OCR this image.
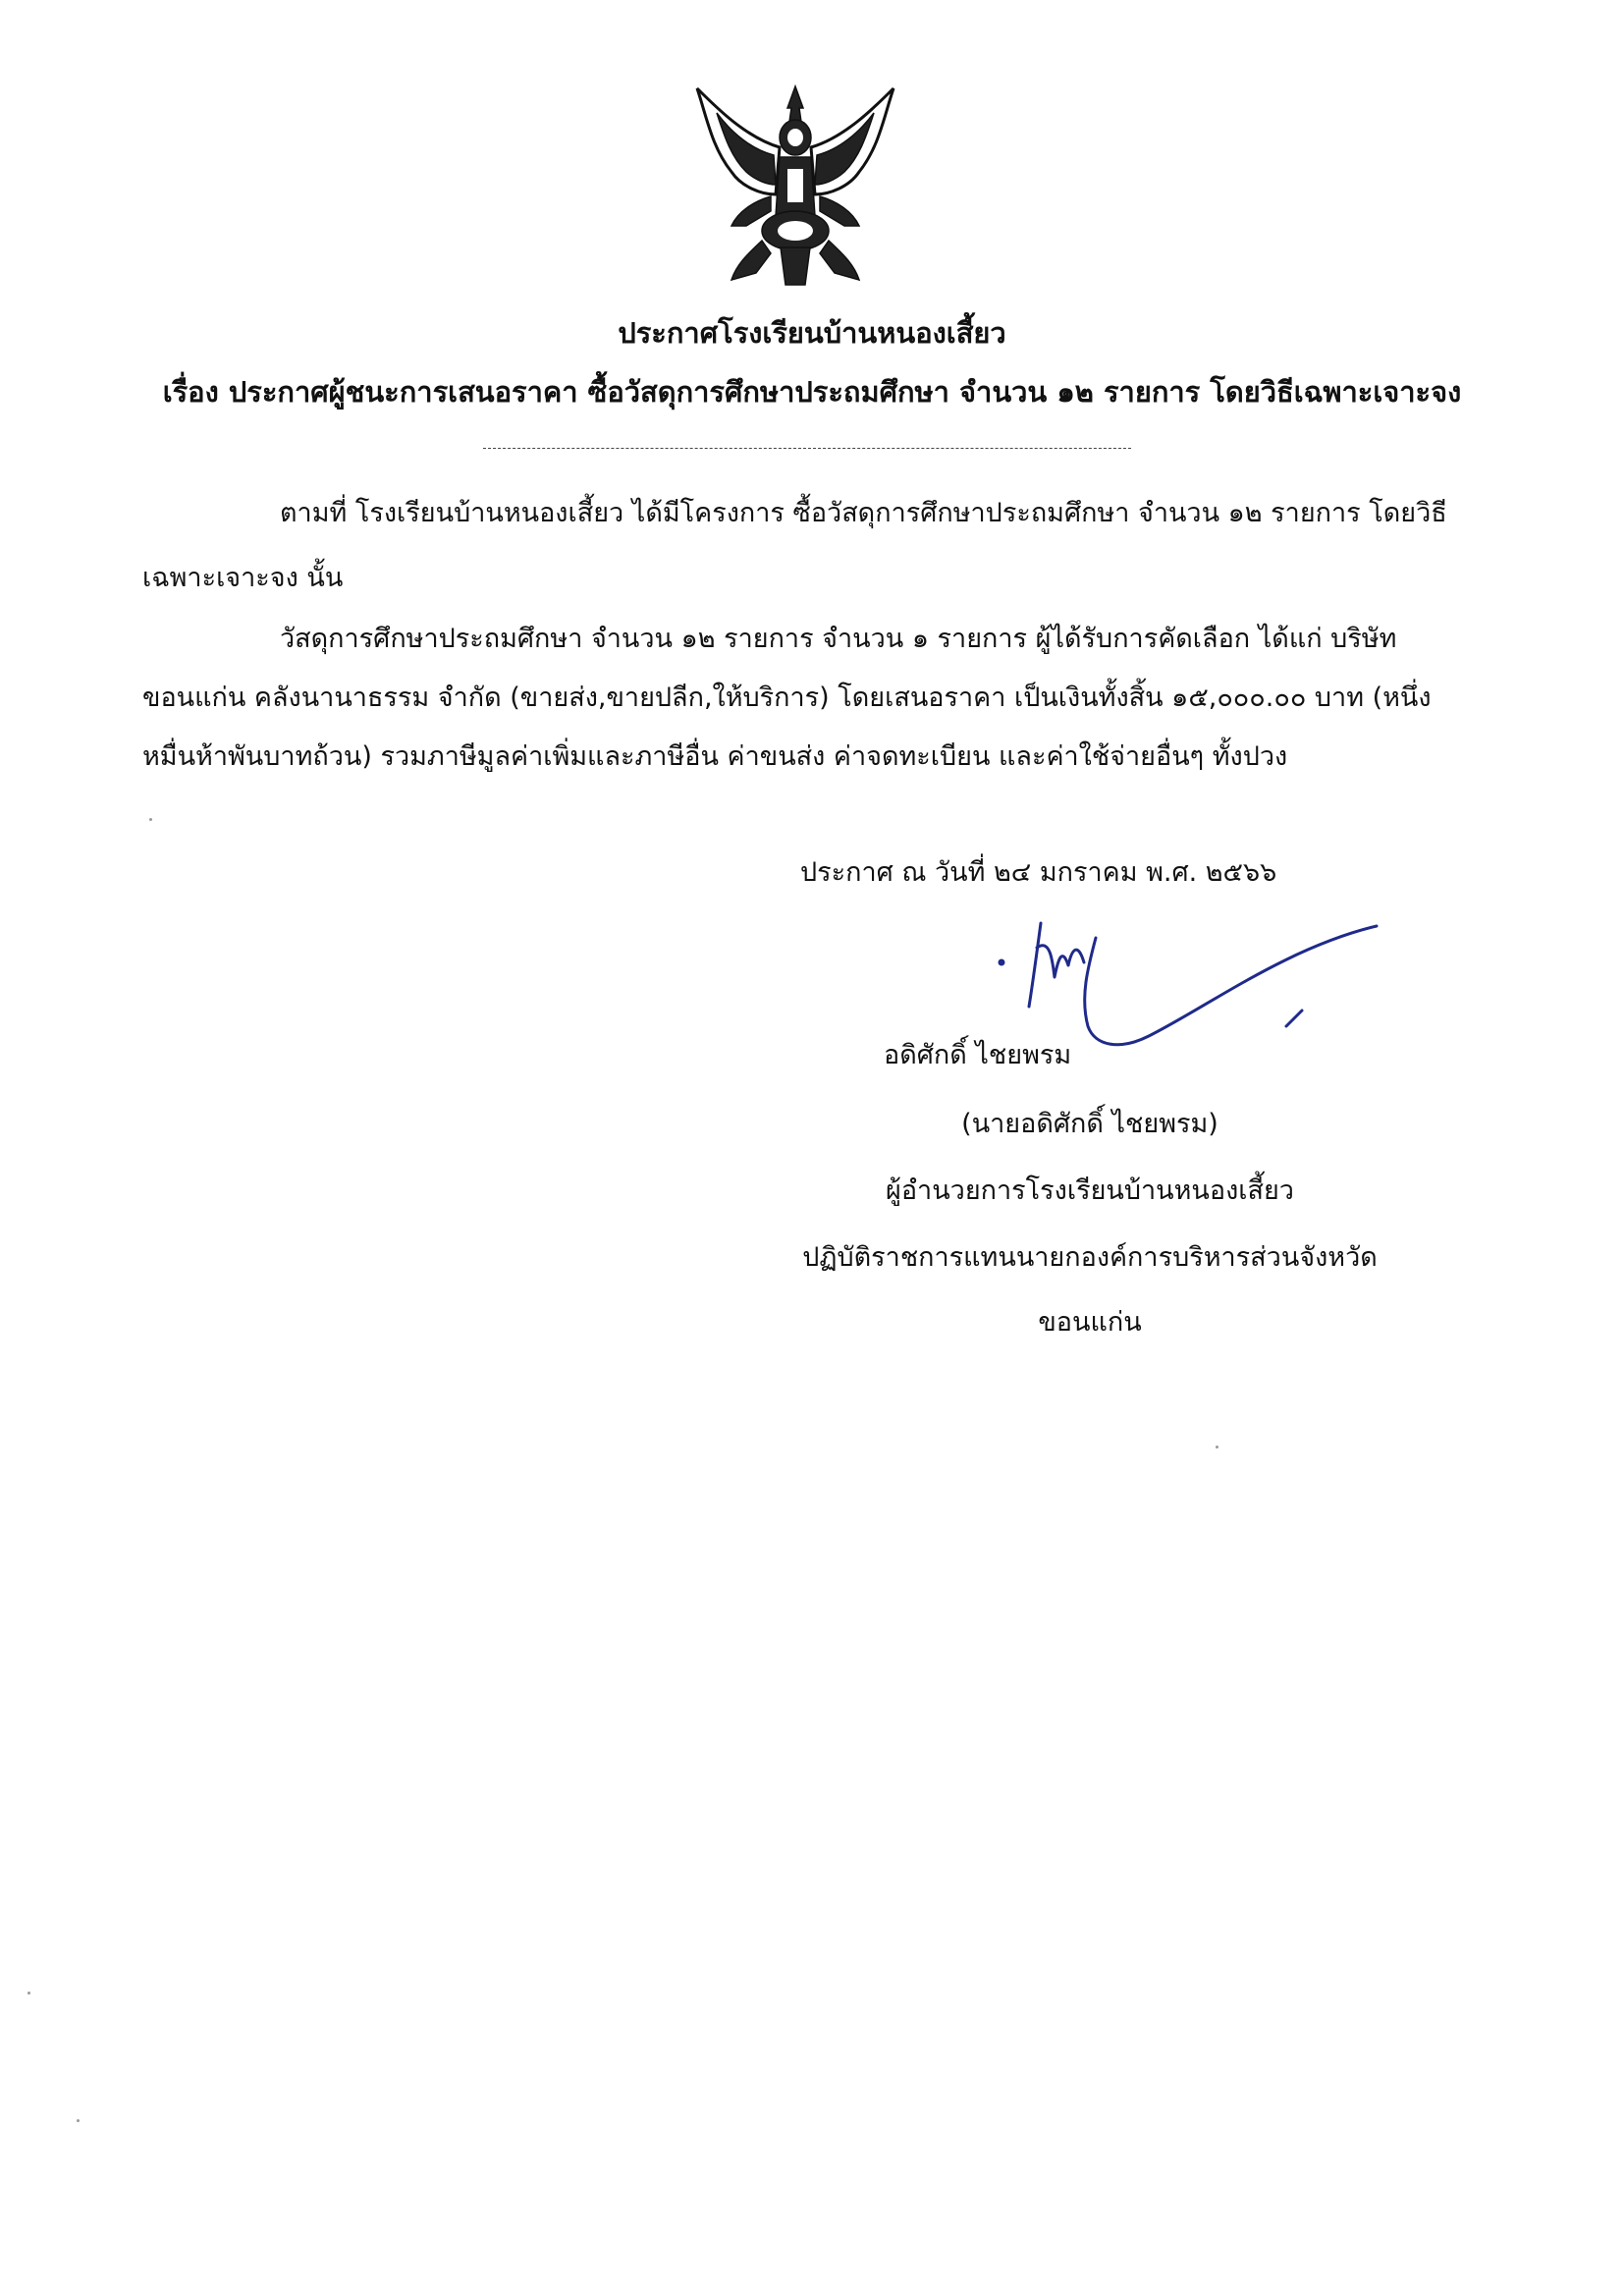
ประกาศโรงเรียนบ้านหนองเสี้ยว
เรื่อง ประกาศผู้ชนะการเสนอราคา ซื้อวัสดุการศึกษาประถมศึกษา จำนวน ๑๒ รายการ โดยวิธีเฉพาะเจาะจง
ตามที่ โรงเรียนบ้านหนองเสี้ยว ได้มีโครงการ ซื้อวัสดุการศึกษาประถมศึกษา จำนวน ๑๒ รายการ โดยวิธี
เฉพาะเจาะจง นั้น
วัสดุการศึกษาประถมศึกษา จำนวน ๑๒ รายการ จำนวน ๑ รายการ ผู้ได้รับการคัดเลือก ได้แก่ บริษัท
ขอนแก่น คลังนานาธรรม จำกัด (ขายส่ง,ขายปลีก,ให้บริการ) โดยเสนอราคา เป็นเงินทั้งสิ้น ๑๕,๐๐๐.๐๐ บาท (หนึ่ง
หมื่นห้าพันบาทถ้วน) รวมภาษีมูลค่าเพิ่มและภาษีอื่น ค่าขนส่ง ค่าจดทะเบียน และค่าใช้จ่ายอื่นๆ ทั้งปวง
ประกาศ ณ วันที่ ๒๔ มกราคม พ.ศ. ๒๕๖๖
อดิศักดิ์ ไชยพรม
(นายอดิศักดิ์ ไชยพรม)
ผู้อำนวยการโรงเรียนบ้านหนองเสี้ยว
ปฏิบัติราชการแทนนายกองค์การบริหารส่วนจังหวัด
ขอนแก่น
